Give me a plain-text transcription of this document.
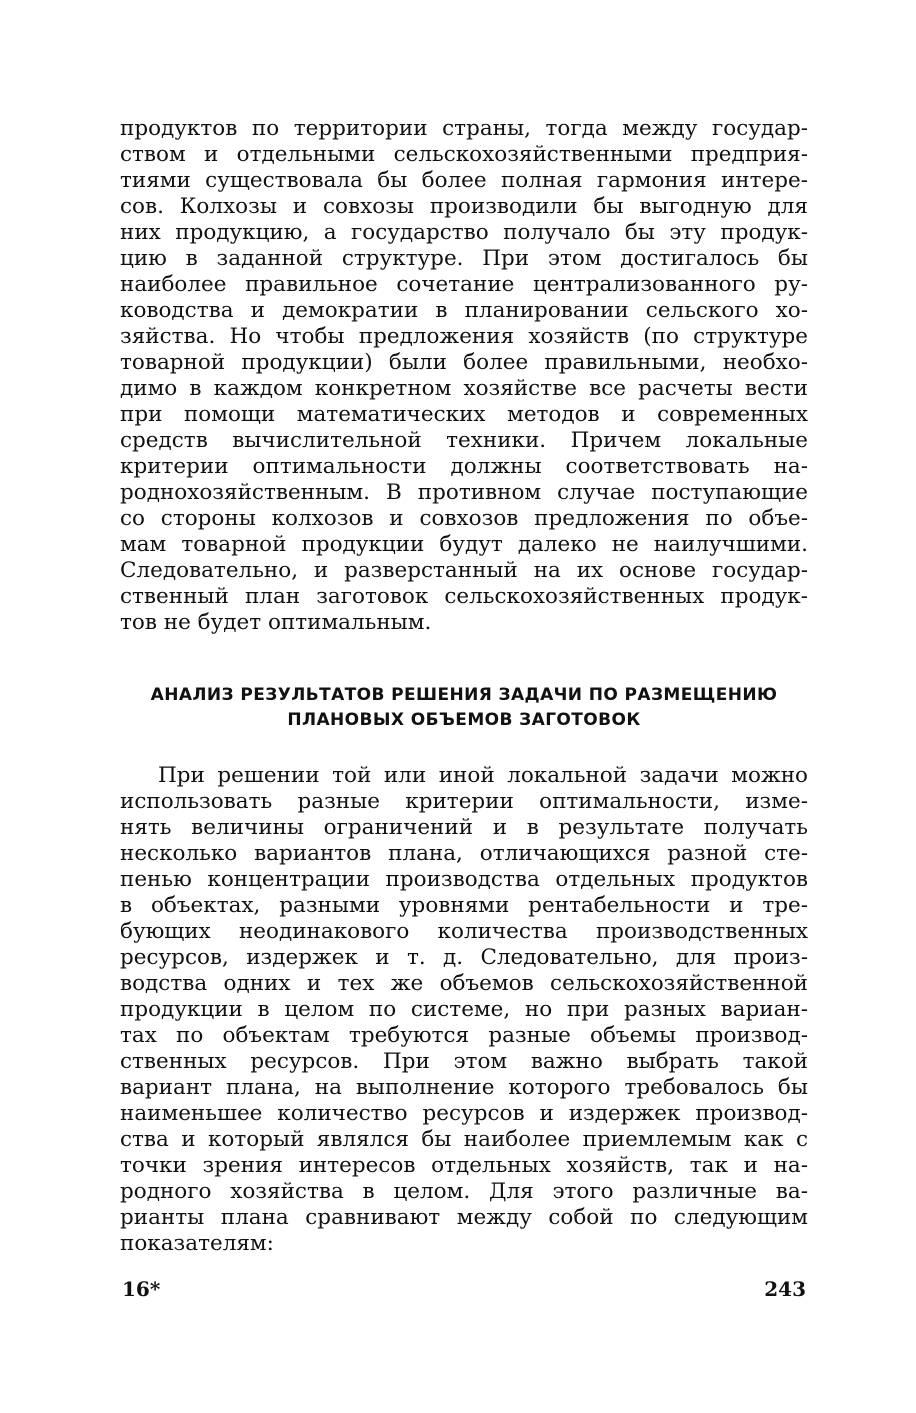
продуктов по территории страны, тогда между государ-
ством и отдельными сельскохозяйственными предприя-
тиями существовала бы более полная гармония интере-
сов. Колхозы и совхозы производили бы выгодную для
них продукцию, а государство получало бы эту продук-
цию в заданной структуре. При этом достигалось бы
наиболее правильное сочетание централизованного ру-
ководства и демократии в планировании сельского хо-
зяйства. Но чтобы предложения хозяйств (по структуре
товарной продукции) были более правильными, необхо-
димо в каждом конкретном хозяйстве все расчеты вести
при помощи математических методов и современных
средств вычислительной техники. Причем локальные
критерии оптимальности должны соответствовать на-
роднохозяйственным. В противном случае поступающие
со стороны колхозов и совхозов предложения по объе-
мам товарной продукции будут далеко не наилучшими.
Следовательно, и разверстанный на их основе государ-
ственный план заготовок сельскохозяйственных продук-
тов не будет оптимальным.
АНАЛИЗ РЕЗУЛЬТАТОВ РЕШЕНИЯ ЗАДАЧИ ПО РАЗМЕЩЕНИЮ
ПЛАНОВЫХ ОБЪЕМОВ ЗАГОТОВОК
При решении той или иной локальной задачи можно
использовать разные критерии оптимальности, изме-
нять величины ограничений и в результате получать
несколько вариантов плана, отличающихся разной сте-
пенью концентрации производства отдельных продуктов
в объектах, разными уровнями рентабельности и тре-
бующих неодинакового количества производственных
ресурсов, издержек и т. д. Следовательно, для произ-
водства одних и тех же объемов сельскохозяйственной
продукции в целом по системе, но при разных вариан-
тах по объектам требуются разные объемы производ-
ственных ресурсов. При этом важно выбрать такой
вариант плана, на выполнение которого требовалось бы
наименьшее количество ресурсов и издержек производ-
ства и который являлся бы наиболее приемлемым как с
точки зрения интересов отдельных хозяйств, так и на-
родного хозяйства в целом. Для этого различные ва-
рианты плана сравнивают между собой по следующим
показателям:
16*	243
